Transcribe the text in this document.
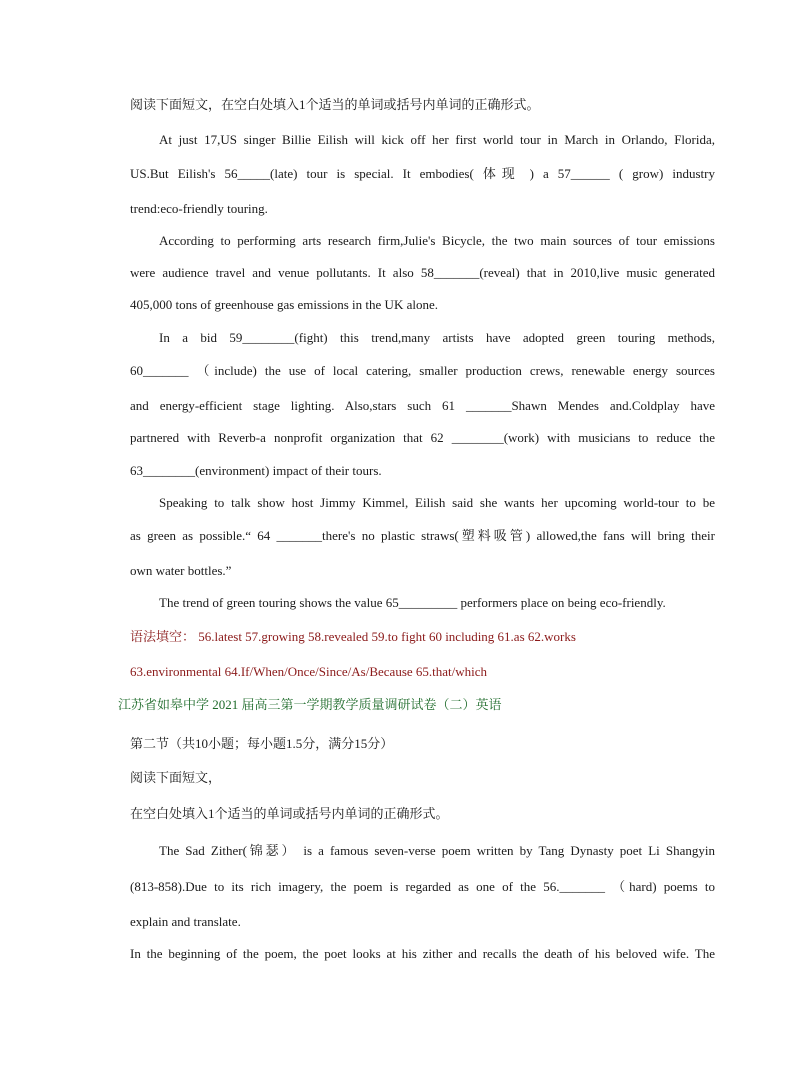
阅读下面短文，在空白处填入1个适当的单词或括号内单词的正确形式。
At just 17,US singer Billie Eilish will kick off her first world tour in March in Orlando, Florida,
US.But Eilish's 56_____(late) tour is special. It embodies( 体现 ) a 57______ ( grow) industry
trend:eco-friendly touring.
According to performing arts research firm,Julie's Bicycle, the two main sources of tour emissions
were audience travel and venue pollutants. It also 58_______(reveal) that in 2010,live music generated
405,000 tons of greenhouse gas emissions in the UK alone.
In a bid 59________(fight) this trend,many artists have adopted green touring methods,
60_______ （include) the use of local catering, smaller production crews, renewable energy sources
and energy-efficient stage lighting. Also,stars such 61 _______Shawn Mendes and.Coldplay have
partnered with Reverb-a nonprofit organization that 62 ________(work) with musicians to reduce the
63________(environment) impact of their tours.
Speaking to talk show host Jimmy Kimmel, Eilish said she wants her upcoming world-tour to be
as green as possible.“ 64 _______there's no plastic straws(塑料吸管) allowed,the fans will bring their
own water bottles.”
The trend of green touring shows the value 65_________ performers place on being eco-friendly.
语法填空： 56.latest 57.growing 58.revealed 59.to fight 60 including 61.as 62.works
63.environmental 64.If/When/Once/Since/As/Because 65.that/which
江苏省如皋中学 2021 届高三第一学期教学质量调研试卷（二）英语
第二节（共10小题；每小题1.5分，满分15分）
阅读下面短文，
在空白处填入1个适当的单词或括号内单词的正确形式。
The Sad Zither(锦瑟） is a famous seven-verse poem written by Tang Dynasty poet Li Shangyin
(813-858).Due to its rich imagery, the poem is regarded as one of the 56._______ （hard) poems to
explain and translate.
In the beginning of the poem, the poet looks at his zither and recalls the death of his beloved wife. The
